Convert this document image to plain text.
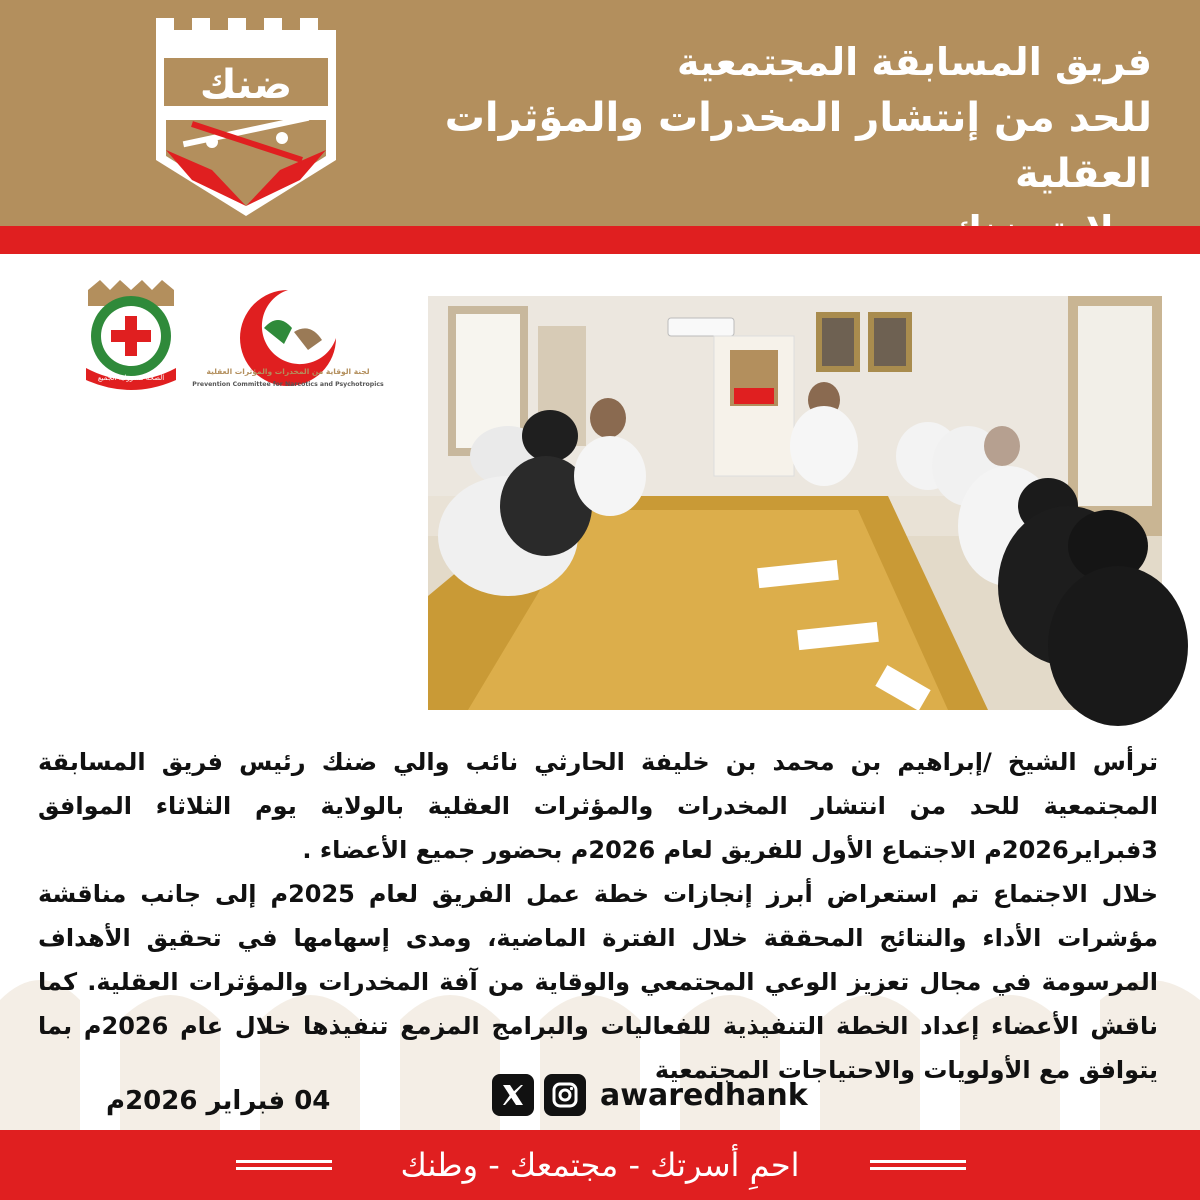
ضنك	فريق المسابقة المجتمعية
للحد من إنتشار المخدرات والمؤثرات العقلية
الصحة مسؤولية الجميع
لجنة الوقاية من المخدرات والمؤثرات العقلية
Prevention Committee for Narcotics and Psychotropics

ترأس الشيخ /إبراهيم بن محمد بن خليفة الحارثي نائب والي ضنك رئيس فريق المسابقة المجتمعية للحد من انتشار المخدرات والمؤثرات العقلية بالولاية يوم الثلاثاء الموافق 3فبراير2026م الاجتماع الأول للفريق لعام 2026م بحضور جميع الأعضاء .

خلال الاجتماع تم استعراض أبرز إنجازات خطة عمل الفريق لعام 2025م إلى جانب مناقشة مؤشرات الأداء والنتائج المحققة خلال الفترة الماضية، ومدى إسهامها في تحقيق الأهداف المرسومة في مجال تعزيز الوعي المجتمعي والوقاية من آفة المخدرات والمؤثرات العقلية. كما ناقش الأعضاء إعداد الخطة التنفيذية للفعاليات والبرامج المزمع تنفيذها خلال عام 2026م بما يتوافق مع الأولويات والاحتياجات المجتمعية

04 فبراير 2026م	awaredhank
احمِ أسرتك - مجتمعك - وطنك
